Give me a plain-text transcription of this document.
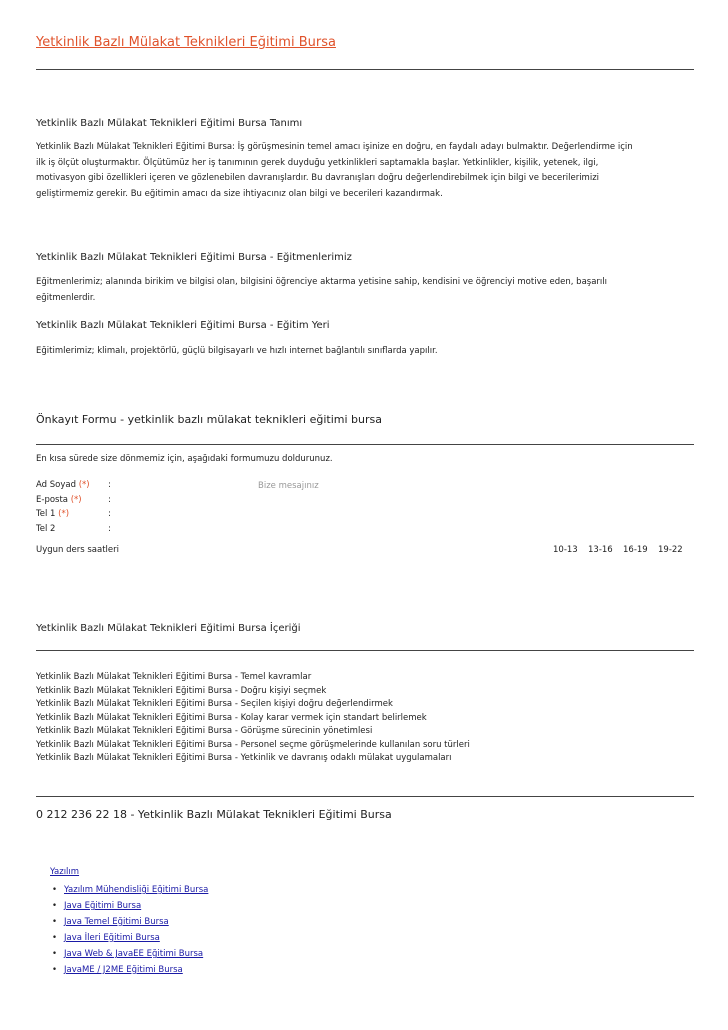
Yetkinlik Bazlı Mülakat Teknikleri Eğitimi Bursa
Yetkinlik Bazlı Mülakat Teknikleri Eğitimi Bursa Tanımı
Yetkinlik Bazlı Mülakat Teknikleri Eğitimi Bursa: İş görüşmesinin temel amacı işinize en doğru, en faydalı adayı bulmaktır. Değerlendirme için
ilk iş ölçüt oluşturmaktır. Ölçütümüz her iş tanımının gerek duyduğu yetkinlikleri saptamakla başlar. Yetkinlikler, kişilik, yetenek, ilgi,
motivasyon gibi özellikleri içeren ve gözlenebilen davranışlardır. Bu davranışları doğru değerlendirebilmek için bilgi ve becerilerimizi
geliştirmemiz gerekir. Bu eğitimin amacı da size ihtiyacınız olan bilgi ve becerileri kazandırmak.
Yetkinlik Bazlı Mülakat Teknikleri Eğitimi Bursa - Eğitmenlerimiz
Eğitmenlerimiz; alanında birikim ve bilgisi olan, bilgisini öğrenciye aktarma yetisine sahip, kendisini ve öğrenciyi motive eden, başarılı
eğitmenlerdir.
Yetkinlik Bazlı Mülakat Teknikleri Eğitimi Bursa - Eğitim Yeri
Eğitimlerimiz; klimalı, projektörlü, güçlü bilgisayarlı ve hızlı internet bağlantılı sınıflarda yapılır.
Önkayıt Formu - yetkinlik bazlı mülakat teknikleri eğitimi bursa
En kısa sürede size dönmemiz için, aşağıdaki formumuzu doldurunuz.
Ad Soyad (*) :
E-posta (*)	:
Tel 1 (*)	:
Tel 2	:
Bize mesajınız
Uygun ders saatleri	10-13 13-16 16-19 19-22
Yetkinlik Bazlı Mülakat Teknikleri Eğitimi Bursa İçeriği
Yetkinlik Bazlı Mülakat Teknikleri Eğitimi Bursa - Temel kavramlar
Yetkinlik Bazlı Mülakat Teknikleri Eğitimi Bursa - Doğru kişiyi seçmek
Yetkinlik Bazlı Mülakat Teknikleri Eğitimi Bursa - Seçilen kişiyi doğru değerlendirmek
Yetkinlik Bazlı Mülakat Teknikleri Eğitimi Bursa - Kolay karar vermek için standart belirlemek
Yetkinlik Bazlı Mülakat Teknikleri Eğitimi Bursa - Görüşme sürecinin yönetimlesi
Yetkinlik Bazlı Mülakat Teknikleri Eğitimi Bursa - Personel seçme görüşmelerinde kullanılan soru türleri
Yetkinlik Bazlı Mülakat Teknikleri Eğitimi Bursa - Yetkinlik ve davranış odaklı mülakat uygulamaları
0 212 236 22 18 - Yetkinlik Bazlı Mülakat Teknikleri Eğitimi Bursa
Yazılım
• Yazılım Mühendisliği Eğitimi Bursa
• Java Eğitimi Bursa
• Java Temel Eğitimi Bursa
• Java İleri Eğitimi Bursa
• Java Web & JavaEE Eğitimi Bursa
• JavaME / J2ME Eğitimi Bursa
